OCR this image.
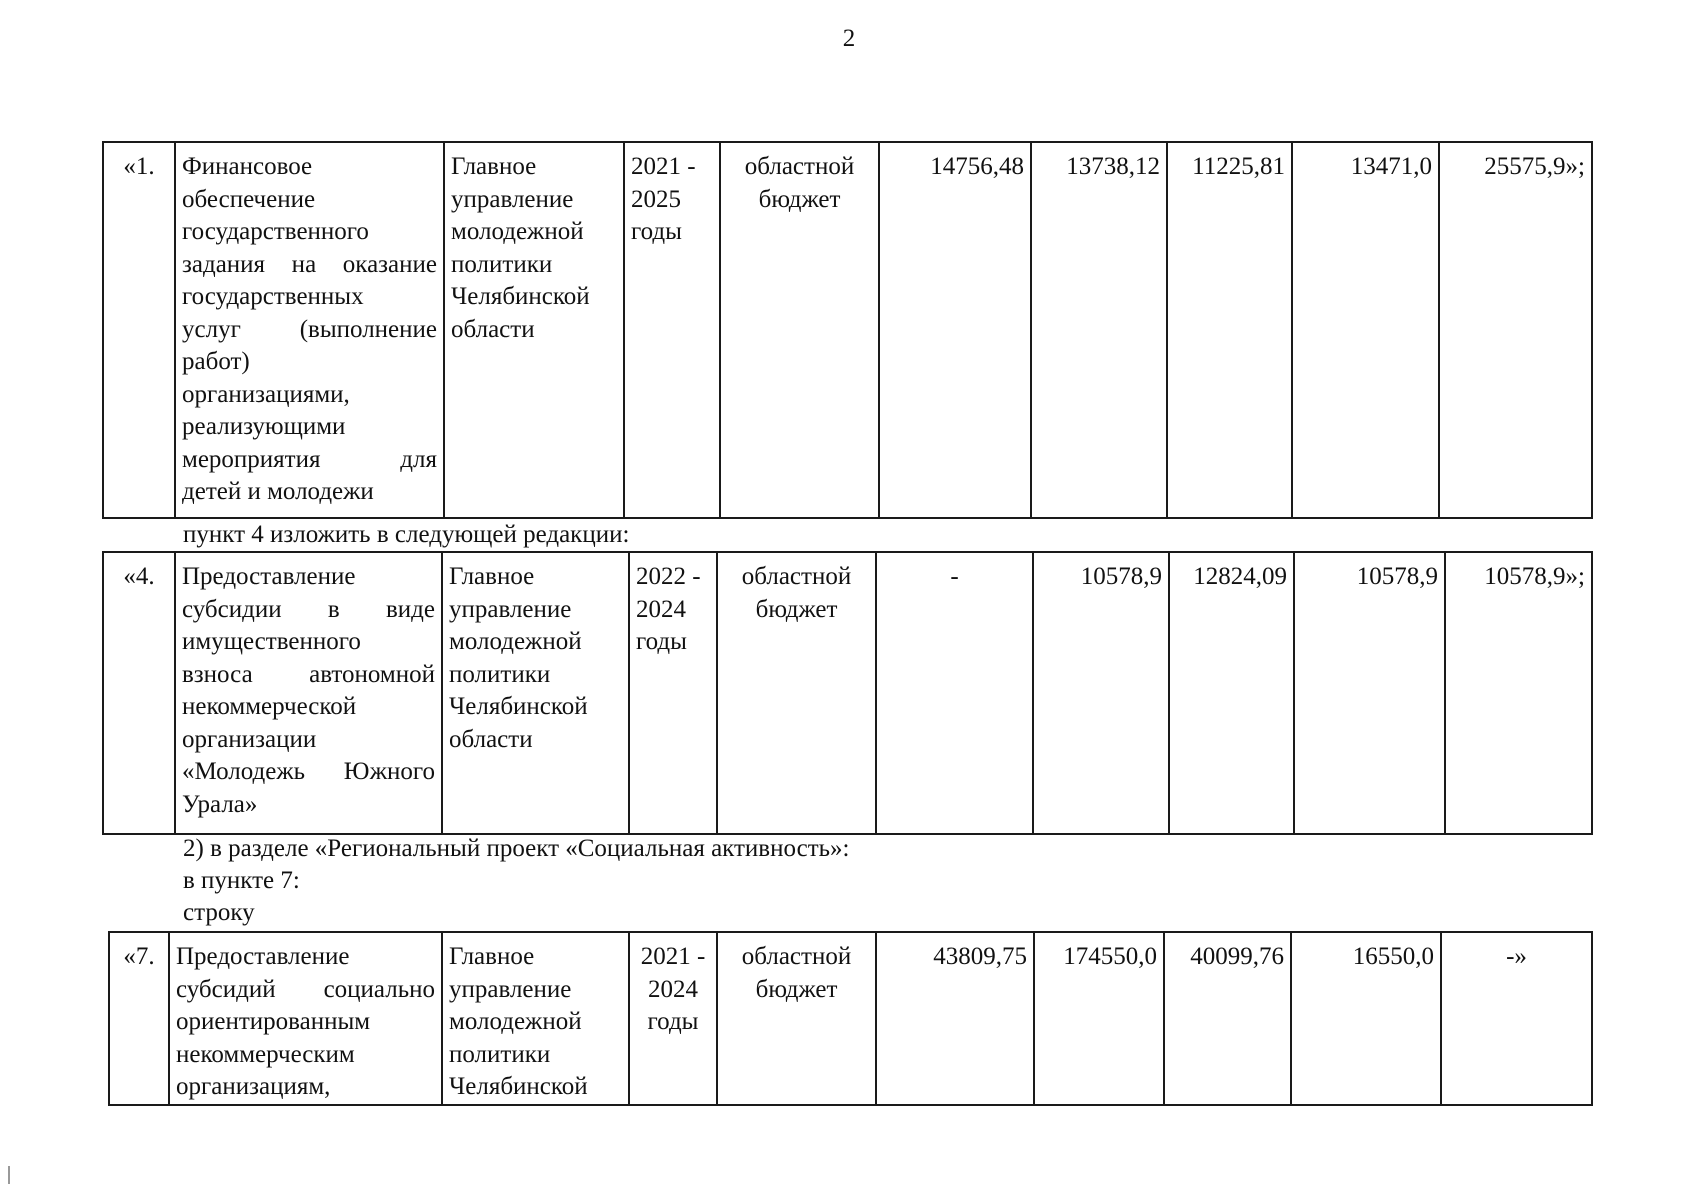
2
«1.	Финансовое
обеспечение
государственного
задания на оказание
государственных
услуг (выполнение
работ)
организациями,
реализующими
мероприятия для
детей и молодежи
	Главное управление молодежной политики Челябинской области	2021 - 2025 годы	областной бюджет	14756,48	13738,12	11225,81	13471,0	25575,9»;
пункт 4 изложить в следующей редакции:
«4.	Предоставление
субсидии в виде
имущественного
взноса автономной
некоммерческой
организации
«Молодежь Южного
Урала»
	Главное управление молодежной политики Челябинской области	2022 - 2024 годы	областной бюджет	-	10578,9	12824,09	10578,9	10578,9»;
2) в разделе «Региональный проект «Социальная активность»:
в пункте 7:
строку
«7.	Предоставление
субсидий социально
ориентированным
некоммерческим
организациям,
	Главное управление молодежной политики Челябинской	2021 - 2024 годы	областной бюджет	43809,75	174550,0	40099,76	16550,0	-»
